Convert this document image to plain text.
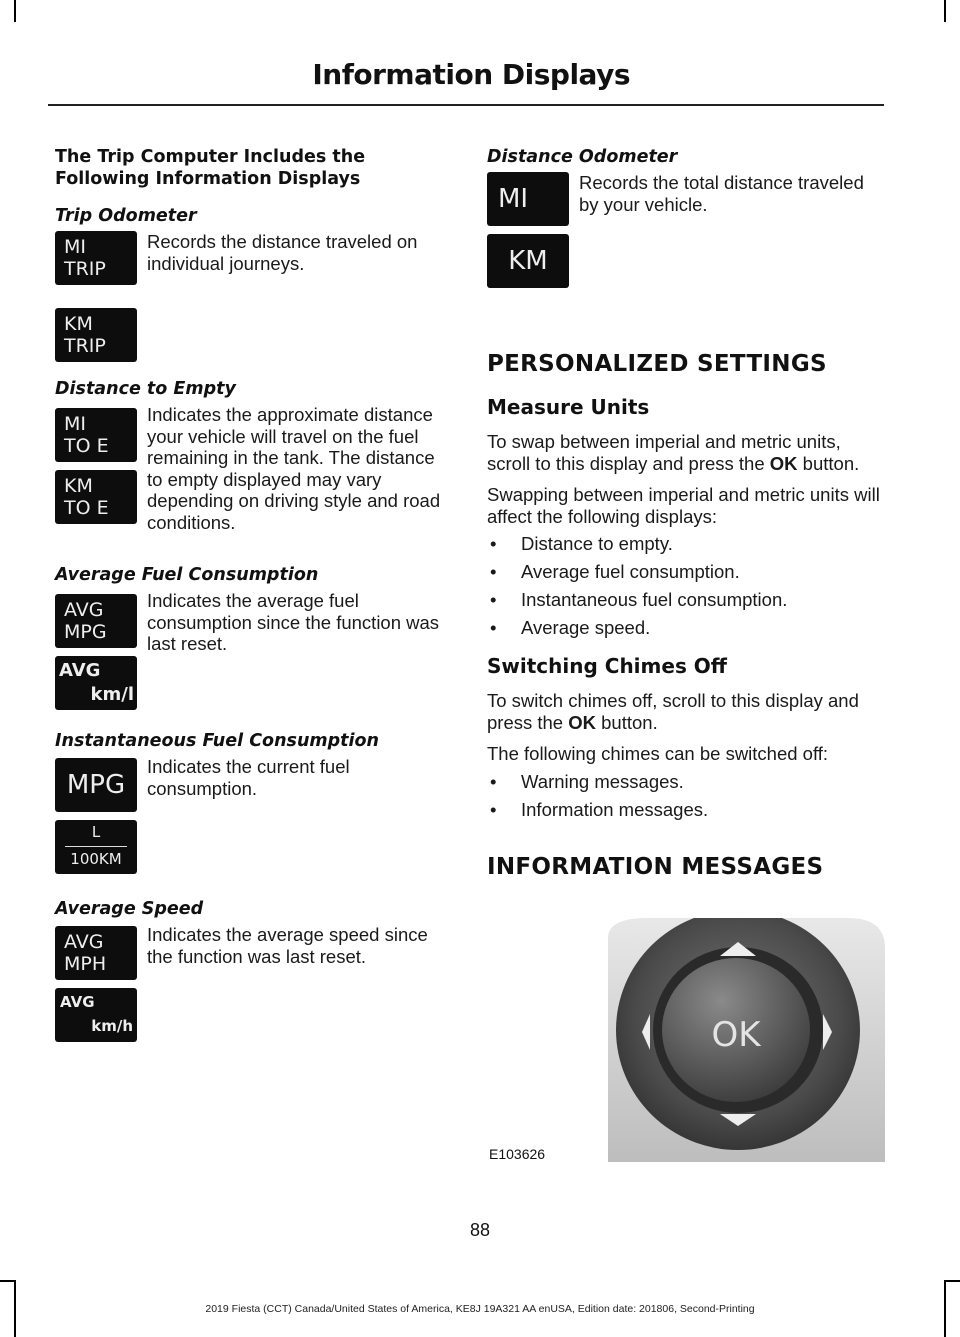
Information Displays
The Trip Computer Includes the Following Information Displays
Trip Odometer
MI
TRIP
KM
TRIP
Records the distance traveled on individual journeys.
Distance to Empty
MI
TO E
KM
TO E
Indicates the approximate distance your vehicle will travel on the fuel remaining in the tank. The distance to empty displayed may vary depending on driving style and road conditions.
Average Fuel Consumption
AVG
MPG
AVG
km/l
Indicates the average fuel consumption since the function was last reset.
Instantaneous Fuel Consumption
MPG
L
100KM
Indicates the current fuel consumption.
Average Speed
AVG
MPH
AVG
km/h
Indicates the average speed since the function was last reset.
Distance Odometer
MI
KM
Records the total distance traveled by your vehicle.
PERSONALIZED SETTINGS
Measure Units
To swap between imperial and metric units, scroll to this display and press the OK button.
Swapping between imperial and metric units will affect the following displays:
• Distance to empty.
• Average fuel consumption.
• Instantaneous fuel consumption.
• Average speed.
Switching Chimes Off
To switch chimes off, scroll to this display and press the OK button.
The following chimes can be switched off:
• Warning messages.
• Information messages.
INFORMATION MESSAGES
OK
E103626
88
2019 Fiesta (CCT) Canada/United States of America, KE8J 19A321 AA enUSA, Edition date: 201806, Second-Printing
